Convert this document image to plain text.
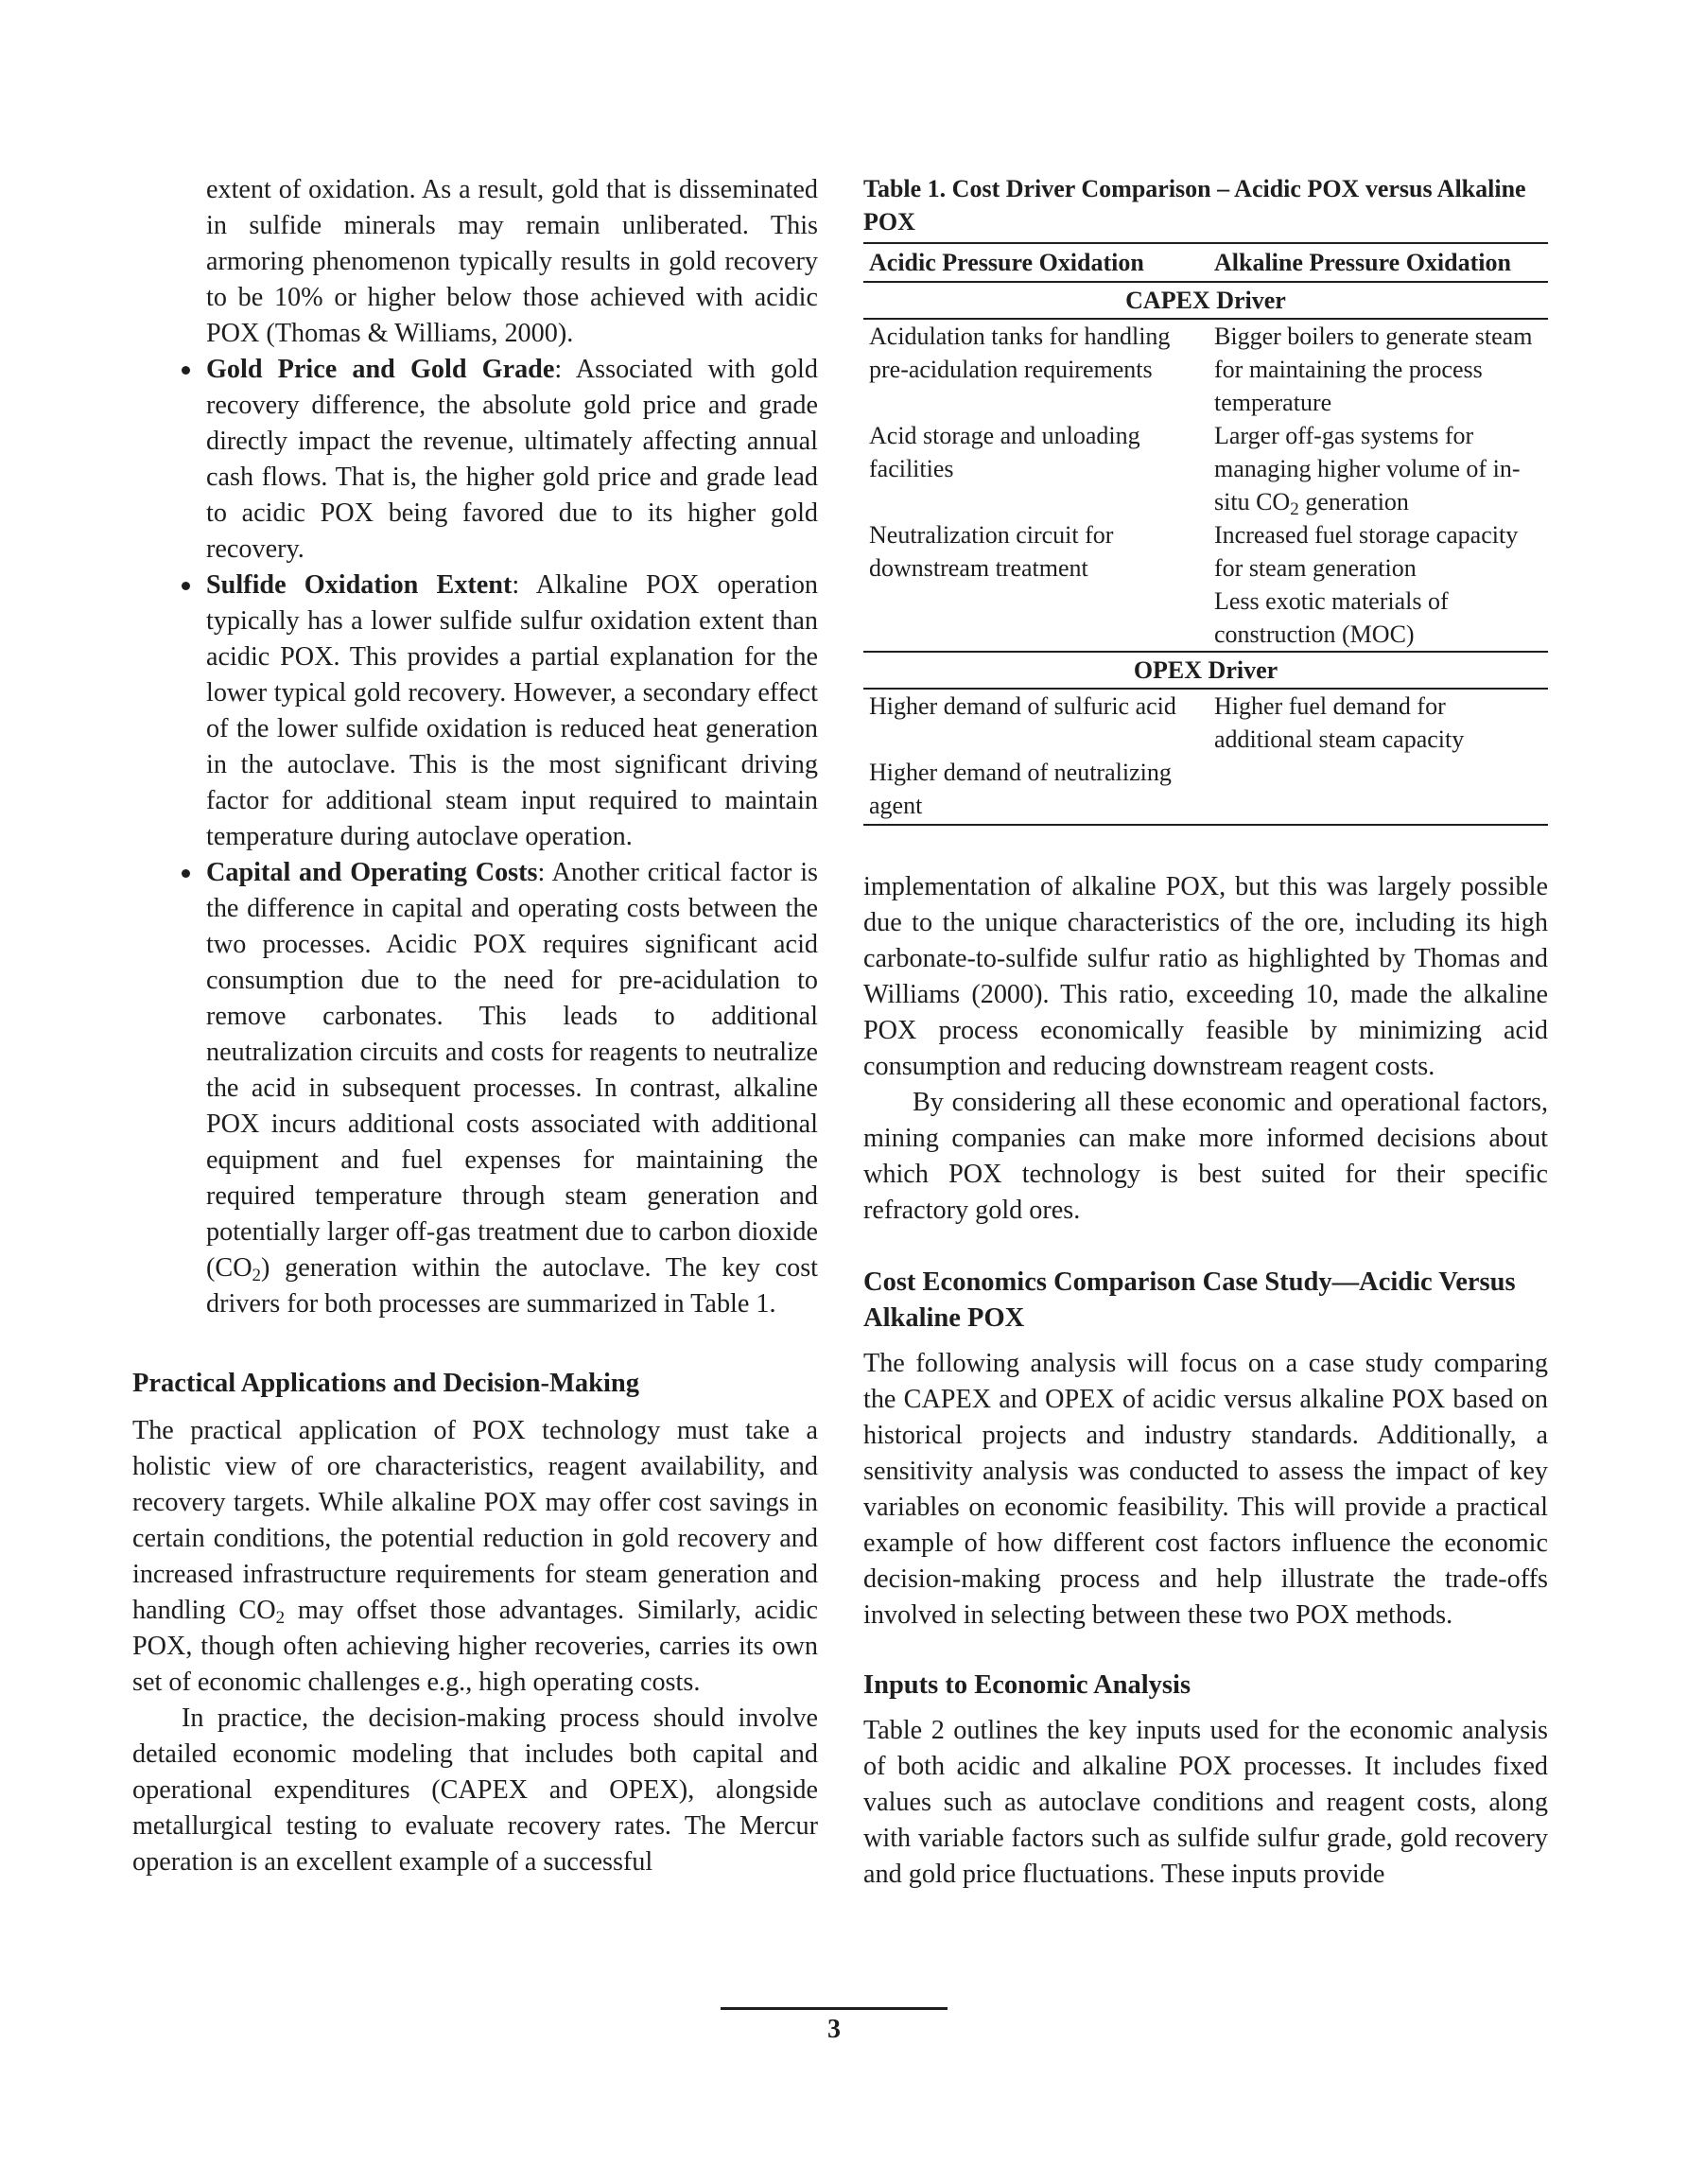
extent of oxidation. As a result, gold that is disseminated in sulfide minerals may remain unliberated. This armoring phenomenon typically results in gold recovery to be 10% or higher below those achieved with acidic POX (Thomas & Williams, 2000).

Gold Price and Gold Grade: Associated with gold recovery difference, the absolute gold price and grade directly impact the revenue, ultimately affecting annual cash flows. That is, the higher gold price and grade lead to acidic POX being favored due to its higher gold recovery.
Sulfide Oxidation Extent: Alkaline POX operation typically has a lower sulfide sulfur oxidation extent than acidic POX. This provides a partial explanation for the lower typical gold recovery. However, a secondary effect of the lower sulfide oxidation is reduced heat generation in the autoclave. This is the most significant driving factor for additional steam input required to maintain temperature during autoclave operation.
Capital and Operating Costs: Another critical factor is the difference in capital and operating costs between the two processes. Acidic POX requires significant acid consumption due to the need for pre-acidulation to remove carbonates. This leads to additional neutralization circuits and costs for reagents to neutralize the acid in subsequent processes. In contrast, alkaline POX incurs additional costs associated with additional equipment and fuel expenses for maintaining the required temperature through steam generation and potentially larger off-gas treatment due to carbon dioxide $(CO_2)$ generation within the autoclave. The key cost drivers for both processes are summarized in Table 1.
Practical Applications and Decision-Making

The practical application of POX technology must take a holistic view of ore characteristics, reagent availability, and recovery targets. While alkaline POX may offer cost savings in certain conditions, the potential reduction in gold recovery and increased infrastructure requirements for steam generation and handling $CO_2$ may offset those advantages. Similarly, acidic POX, though often achieving higher recoveries, carries its own set of economic challenges e.g., high operating costs.

In practice, the decision-making process should involve detailed economic modeling that includes both capital and operational expenditures (CAPEX and OPEX), alongside metallurgical testing to evaluate recovery rates. The Mercur operation is an excellent example of a successful

Table 1. Cost Driver Comparison – Acidic POX versus Alkaline POX
Acidic Pressure Oxidation	Alkaline Pressure Oxidation
CAPEX Driver	
Acidulation tanks for handling pre-acidulation requirements	Bigger boilers to generate steam for maintaining the process temperature
Acid storage and unloading facilities	Larger off-gas systems for managing higher volume of in-situ $CO_2$ generation
Neutralization circuit for downstream treatment	Increased fuel storage capacity for steam generation
	Less exotic materials of construction (MOC)
OPEX Driver	
Higher demand of sulfuric acid	Higher fuel demand for additional steam capacity
Higher demand of neutralizing agent	

implementation of alkaline POX, but this was largely possible due to the unique characteristics of the ore, including its high carbonate-to-sulfide sulfur ratio as highlighted by Thomas and Williams (2000). This ratio, exceeding 10, made the alkaline POX process economically feasible by minimizing acid consumption and reducing downstream reagent costs.

By considering all these economic and operational factors, mining companies can make more informed decisions about which POX technology is best suited for their specific refractory gold ores.

Cost Economics Comparison Case Study—Acidic Versus Alkaline POX

The following analysis will focus on a case study comparing the CAPEX and OPEX of acidic versus alkaline POX based on historical projects and industry standards. Additionally, a sensitivity analysis was conducted to assess the impact of key variables on economic feasibility. This will provide a practical example of how different cost factors influence the economic decision-making process and help illustrate the trade-offs involved in selecting between these two POX methods.

Inputs to Economic Analysis

Table 2 outlines the key inputs used for the economic analysis of both acidic and alkaline POX processes. It includes fixed values such as autoclave conditions and reagent costs, along with variable factors such as sulfide sulfur grade, gold recovery and gold price fluctuations. These inputs provide

3
